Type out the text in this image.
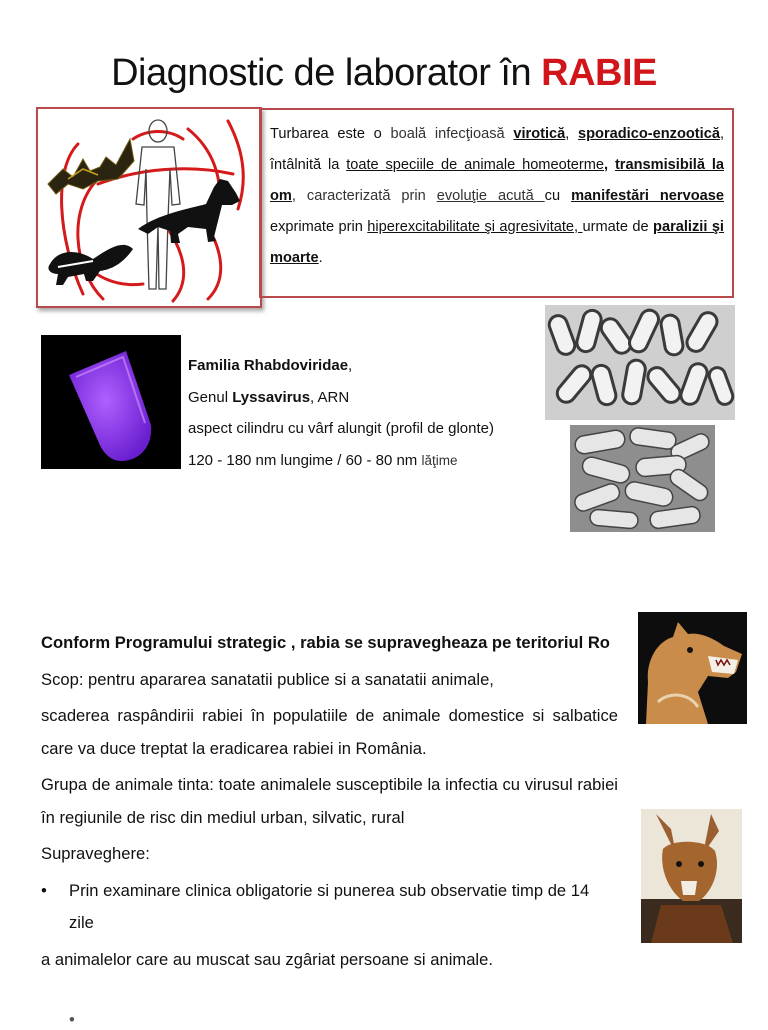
Diagnostic de laborator în RABIE
Turbarea este o boală infecţioasă virotică, sporadico-enzootică, întâlnită la toate speciile de animale homeoterme, transmisibilă la om, caracterizată prin evoluţie acută cu manifestări nervoase exprimate prin hiperexcitabilitate şi agresivitate, urmate de paralizii şi moarte.
Familia Rhabdoviridae,
Genul Lyssavirus, ARN
aspect cilindru cu vârf alungit (profil de glonte)
120 - 180 nm lungime / 60 - 80 nm lăţime

Conform Programului strategic , rabia se supravegheaza pe teritoriul Ro

Scop: pentru apararea sanatatii publice si a sanatatii animale,

scaderea raspândirii rabiei în populatiile de animale domestice si salbatice care va duce treptat la eradicarea rabiei in România.

Grupa de animale tinta: toate animalele susceptibile la infectia cu virusul rabiei în regiunile de risc din mediul urban, silvatic, rural

Supraveghere:

•	Prin examinare clinica obligatorie si punerea sub observatie timp de 14 zile

a animalelor care au muscat sau zgâriat persoane si animale.

•
